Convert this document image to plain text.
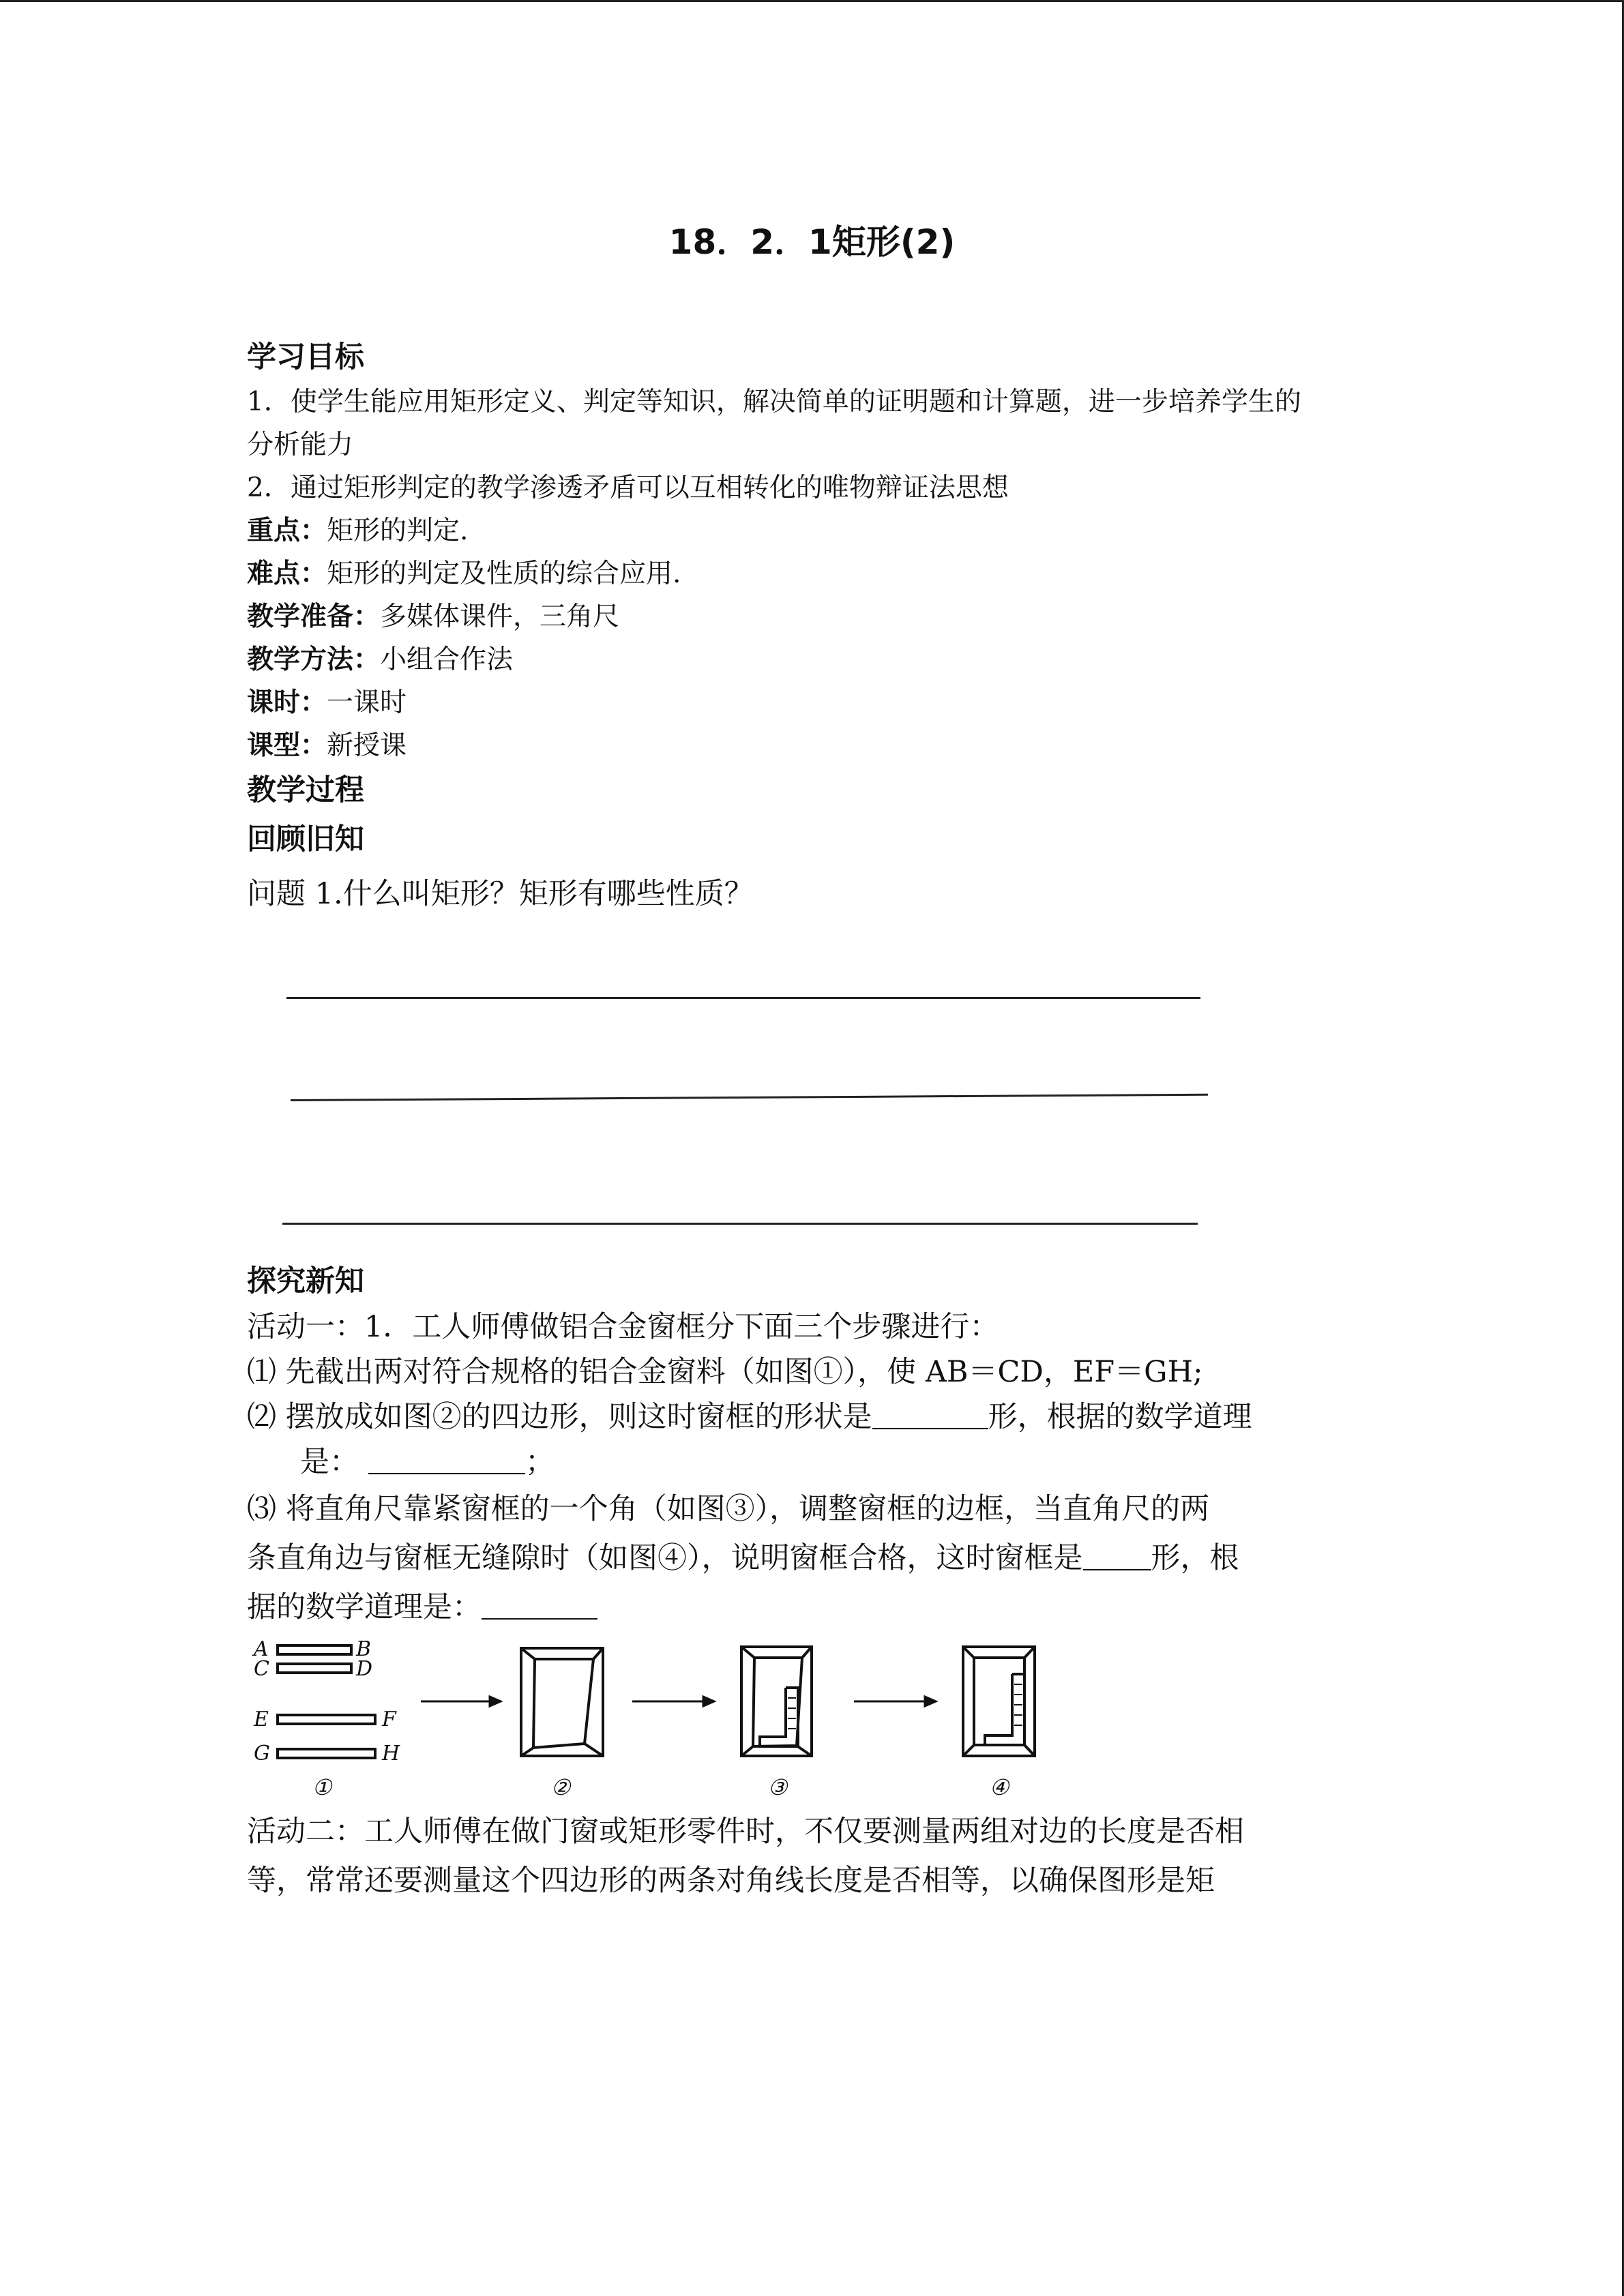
18．2．1矩形(2)
学习目标
1．使学生能应用矩形定义、判定等知识，解决简单的证明题和计算题，进一步培养学生的
分析能力
2．通过矩形判定的教学渗透矛盾可以互相转化的唯物辩证法思想
重点：矩形的判定.
难点：矩形的判定及性质的综合应用.
教学准备：多媒体课件，三角尺
教学方法：小组合作法
课时：一课时
课型：新授课
教学过程
回顾旧知
问题 1.什么叫矩形？矩形有哪些性质？
探究新知
活动一：1．工人师傅做铝合金窗框分下面三个步骤进行：
⑴ 先截出两对符合规格的铝合金窗料（如图①），使 AB＝CD，EF＝GH;
⑵ 摆放成如图②的四边形，则这时窗框的形状是	形，根据的数学道理
是：	；
⑶ 将直角尺靠紧窗框的一个角（如图③），调整窗框的边框，当直角尺的两
条直角边与窗框无缝隙时（如图④），说明窗框合格，这时窗框是 形，根
据的数学道理是：
A	B
C	D
E	F
G	H
①	②	③	④
活动二：工人师傅在做门窗或矩形零件时，不仅要测量两组对边的长度是否相
等，常常还要测量这个四边形的两条对角线长度是否相等，以确保图形是矩
